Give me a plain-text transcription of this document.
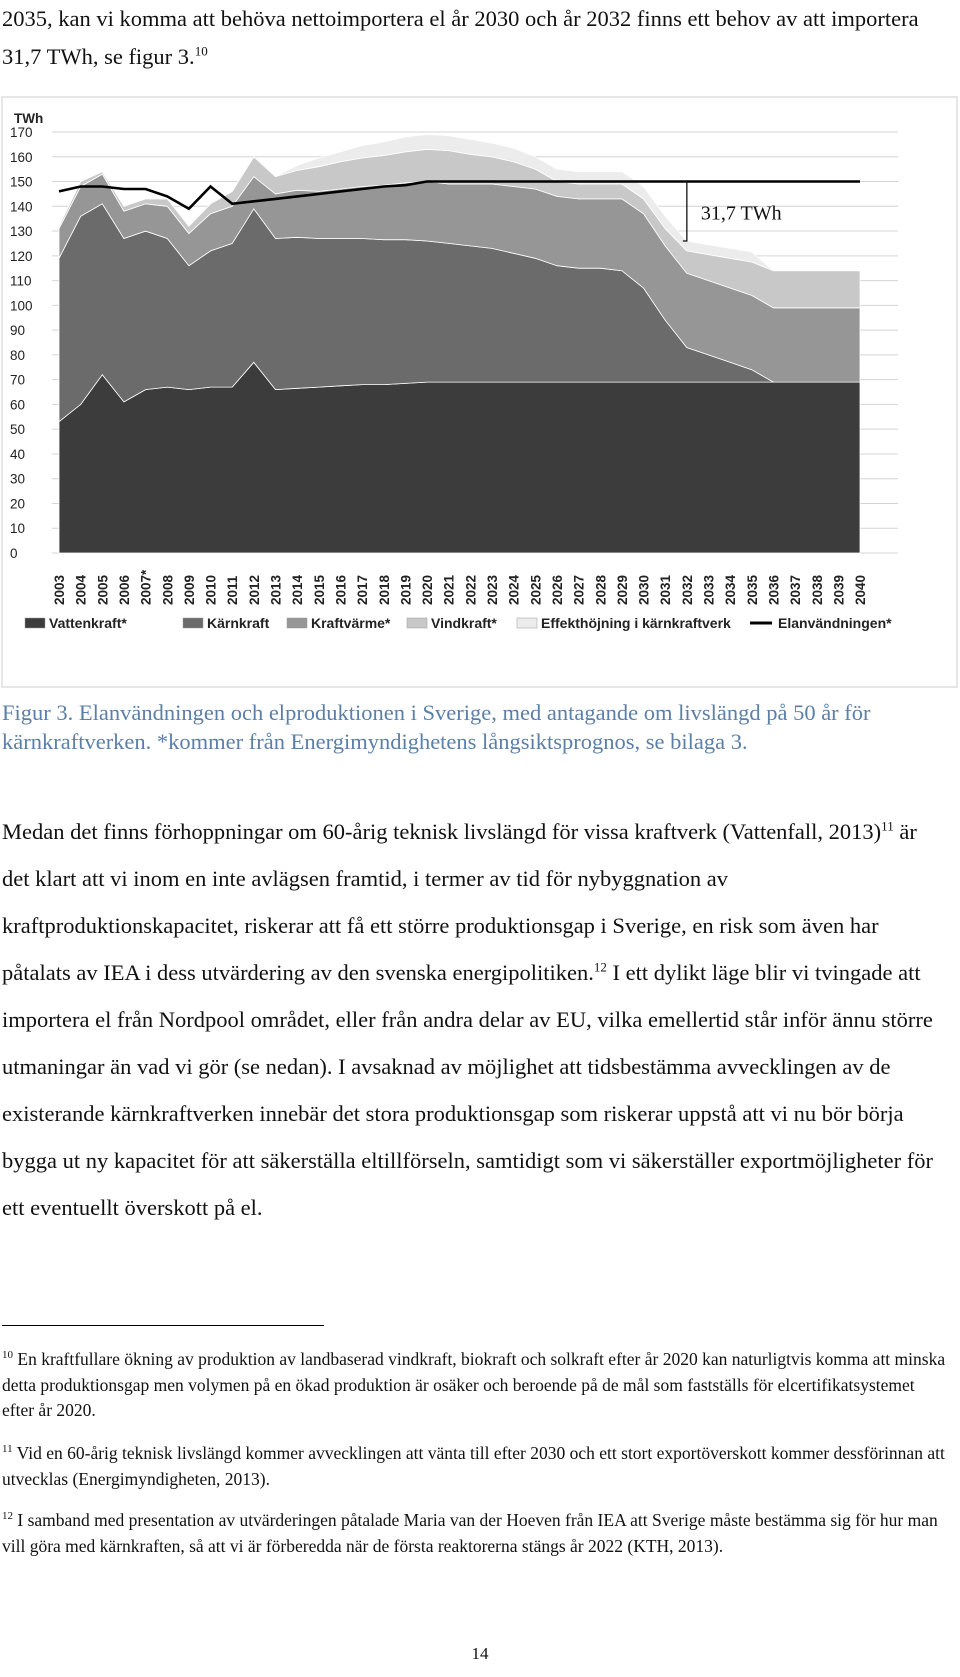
2035, kan vi komma att behöva nettoimportera el år 2030 och år 2032 finns ett behov av att importera 31,7 TWh, se figur 3.10

0
10
20
30
40
50
60
70
80
90
100
110
120
130
140
150
160
170
2003 2004 2005 2006 2007* 2008 2009 2010 2011 2012 2013 2014 2015 2016 2017 2018 2019 2020 2021 2022 2023 2024 2025 2026 2027 2028 2029 2030 2031 2032 2033 2034 2035 2036 2037 2038 2039 2040
TWh
31,7 TWh
Vattenkraft*	Kärnkraft	Kraftvärme*	Vindkraft*	Effekthöjning i kärnkraftverk	Elanvändningen*

Figur 3. Elanvändningen och elproduktionen i Sverige, med antagande om livslängd på 50 år för kärnkraftverken. *kommer från Energimyndighetens långsiktsprognos, se bilaga 3.

Medan det finns förhoppningar om 60-årig teknisk livslängd för vissa kraftverk (Vattenfall, 2013)$^{11}$ är det klart att vi inom en inte avlägsen framtid, i termer av tid för nybyggnation av kraftproduktionskapacitet, riskerar att få ett större produktionsgap i Sverige, en risk som även har påtalats av IEA i dess utvärdering av den svenska energipolitiken.$^{12}$ I ett dylikt läge blir vi tvingade att importera el från Nordpool området, eller från andra delar av EU, vilka emellertid står inför ännu större utmaningar än vad vi gör (se nedan). I avsaknad av möjlighet att tidsbestämma avvecklingen av de existerande kärnkraftverken innebär det stora produktionsgap som riskerar uppstå att vi nu bör börja bygga ut ny kapacitet för att säkerställa eltillförseln, samtidigt som vi säkerställer exportmöjligheter för ett eventuellt överskott på el.

$^{10}$ En kraftfullare ökning av produktion av landbaserad vindkraft, biokraft och solkraft efter år 2020 kan naturligtvis komma att minska detta produktionsgap men volymen på en ökad produktion är osäker och beroende på de mål som fastställs för elcertifikatsystemet efter år 2020.

$^{11}$ Vid en 60-årig teknisk livslängd kommer avvecklingen att vänta till efter 2030 och ett stort exportöverskott kommer dessförinnan att utvecklas (Energimyndigheten, 2013).

$^{12}$ I samband med presentation av utvärderingen påtalade Maria van der Hoeven från IEA att Sverige måste bestämma sig för hur man vill göra med kärnkraften, så att vi är förberedda när de första reaktorerna stängs år 2022 (KTH, 2013).

14
